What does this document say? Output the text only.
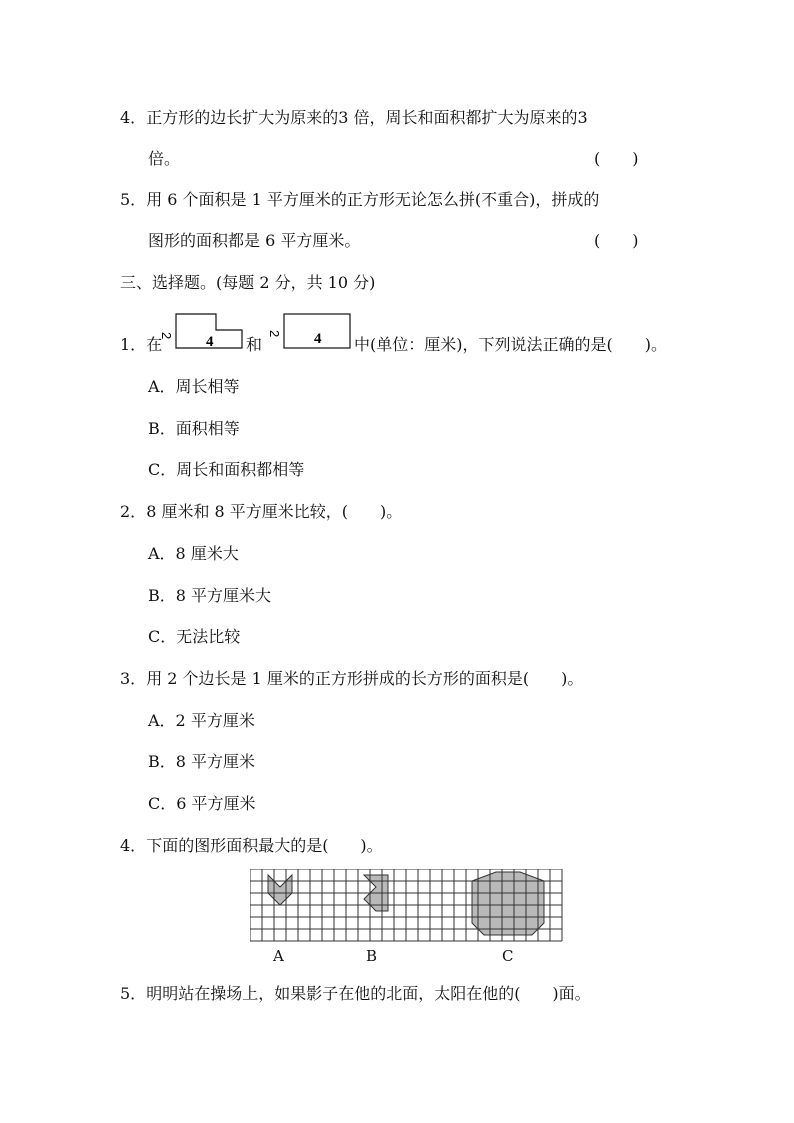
4．正方形的边长扩大为原来的3 倍，周长和面积都扩大为原来的3
倍。	(　　)
5．用 6 个面积是 1 平方厘米的正方形无论怎么拼(不重合)，拼成的
图形的面积都是 6 平方厘米。	(　　)
三、选择题。(每题 2 分，共 10 分)
1．在
2 4 和
2 4 中(单位：厘米)，下列说法正确的是(　　)。
A．周长相等
B．面积相等
C．周长和面积都相等
2．8 厘米和 8 平方厘米比较，(　　)。
A．8 厘米大
B．8 平方厘米大
C．无法比较
3．用 2 个边长是 1 厘米的正方形拼成的长方形的面积是(　　)。
A．2 平方厘米
B．8 平方厘米
C．6 平方厘米
4．下面的图形面积最大的是(　　)。
A	B	C
5．明明站在操场上，如果影子在他的北面，太阳在他的(　　)面。
